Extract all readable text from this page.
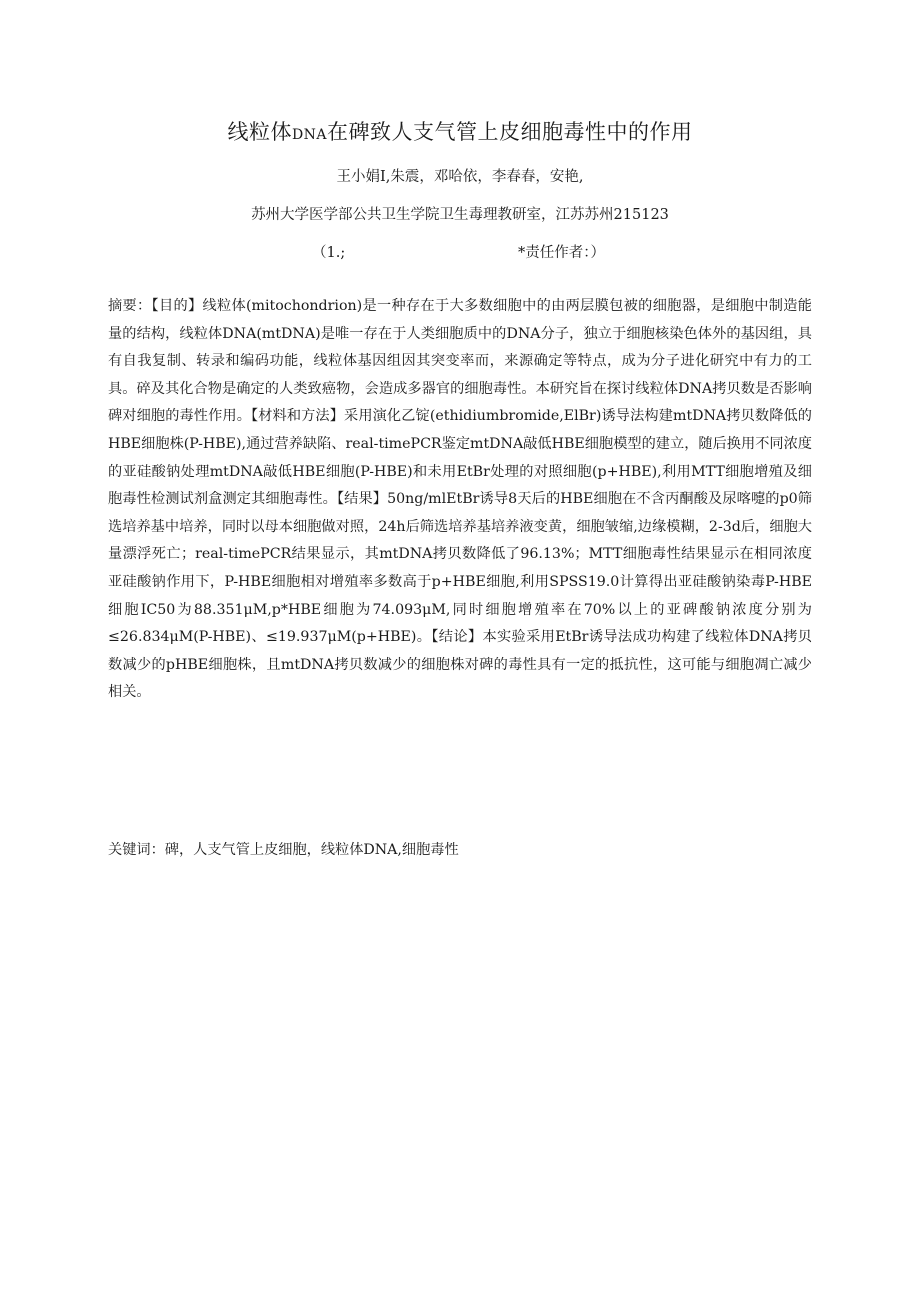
线粒体DNA在碑致人支气管上皮细胞毒性中的作用
王小娟I,朱震，邓哈依，李春春，安艳,
苏州大学医学部公共卫生学院卫生毒理教研室，江苏苏州215123
（1.;	*责任作者：）

摘要：【目的】线粒体(mitochondrion)是一种存在于大多数细胞中的由两层膜包被的细胞器，是细胞中制造能量的结构，线粒体DNA(mtDNA)是唯一存在于人类细胞质中的DNA分子，独立于细胞核染色体外的基因组，具有自我复制、转录和编码功能，线粒体基因组因其突变率而，来源确定等特点，成为分子进化研究中有力的工具。碎及其化合物是确定的人类致癌物，会造成多器官的细胞毒性。本研究旨在探讨线粒体DNA拷贝数是否影响碑对细胞的毒性作用。【材料和方法】采用演化乙锭(ethidiumbromide,ElBr)诱导法构建mtDNA拷贝数降低的HBE细胞株(P-HBE),通过营养缺陷、real-timePCR鉴定mtDNA敲低HBE细胞模型的建立，随后换用不同浓度的亚硅酸钠处理mtDNA敲低HBE细胞(P-HBE)和未用EtBr处理的对照细胞(p+HBE),利用MTT细胞增殖及细胞毒性检测试剂盒测定其细胞毒性。【结果】50ng∕mlEtBr诱导8天后的HBE细胞在不含丙酮酸及尿喀嚏的p0筛选培养基中培养，同时以母本细胞做对照，24h后筛选培养基培养液变黄，细胞皱缩,边缘模糊，2-3d后，细胞大量漂浮死亡；real-timePCR结果显示，其mtDNA拷贝数降低了96.13%；MTT细胞毒性结果显示在相同浓度亚硅酸钠作用下，P-HBE细胞相对增殖率多数高于p+HBE细胞,利用SPSS19.0计算得出亚硅酸钠染毒P-HBE细胞IC50为88.351μM,p*HBE细胞为74.093μM,同时细胞增殖率在70%以上的亚碑酸钠浓度分别为≤26.834μM(P-HBE)、≤19.937μM(p+HBE)。【结论】本实验采用EtBr诱导法成功构建了线粒体DNA拷贝数减少的pHBE细胞株，且mtDNA拷贝数减少的细胞株对碑的毒性具有一定的抵抗性，这可能与细胞凋亡减少相关。

关键词：碑，人支气管上皮细胞，线粒体DNA,细胞毒性
